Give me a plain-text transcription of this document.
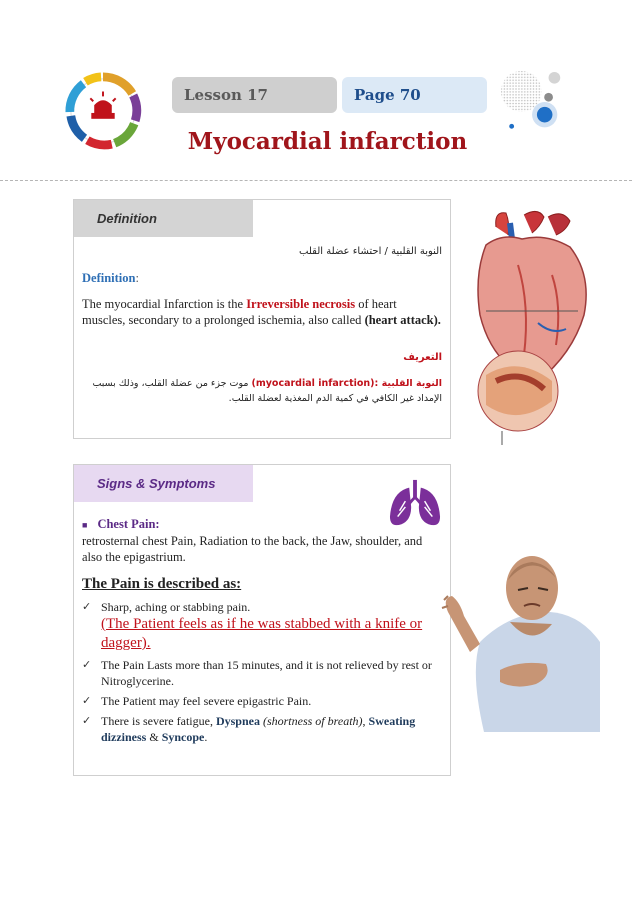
Lesson 17	Page 70
Myocardial infarction
Definition
النوبة القلبية / احتشاء عضلة القلب
Definition:

The myocardial Infarction is the Irreversible necrosis of heart muscles, secondary to a prolonged ischemia, also called (heart attack).

التعريف

النوبة القلبية (myocardial infarction): موت جزء من عضلة القلب، وذلك بسبب الإمداد غير الكافي في كمية الدم المغذية لعضلة القلب.

Signs & Symptoms
■ Chest Pain:

retrosternal chest Pain, Radiation to the back, the Jaw, shoulder, and also the epigastrium.

The Pain is described as:
✓ Sharp, aching or stabbing pain.
(The Patient feels as if he was stabbed with a knife or dagger).
✓ The Pain Lasts more than 15 minutes, and it is not relieved by rest or Nitroglycerine.
✓ The Patient may feel severe epigastric Pain.
✓ There is severe fatigue, Dyspnea (shortness of breath), Sweating dizziness & Syncope.
